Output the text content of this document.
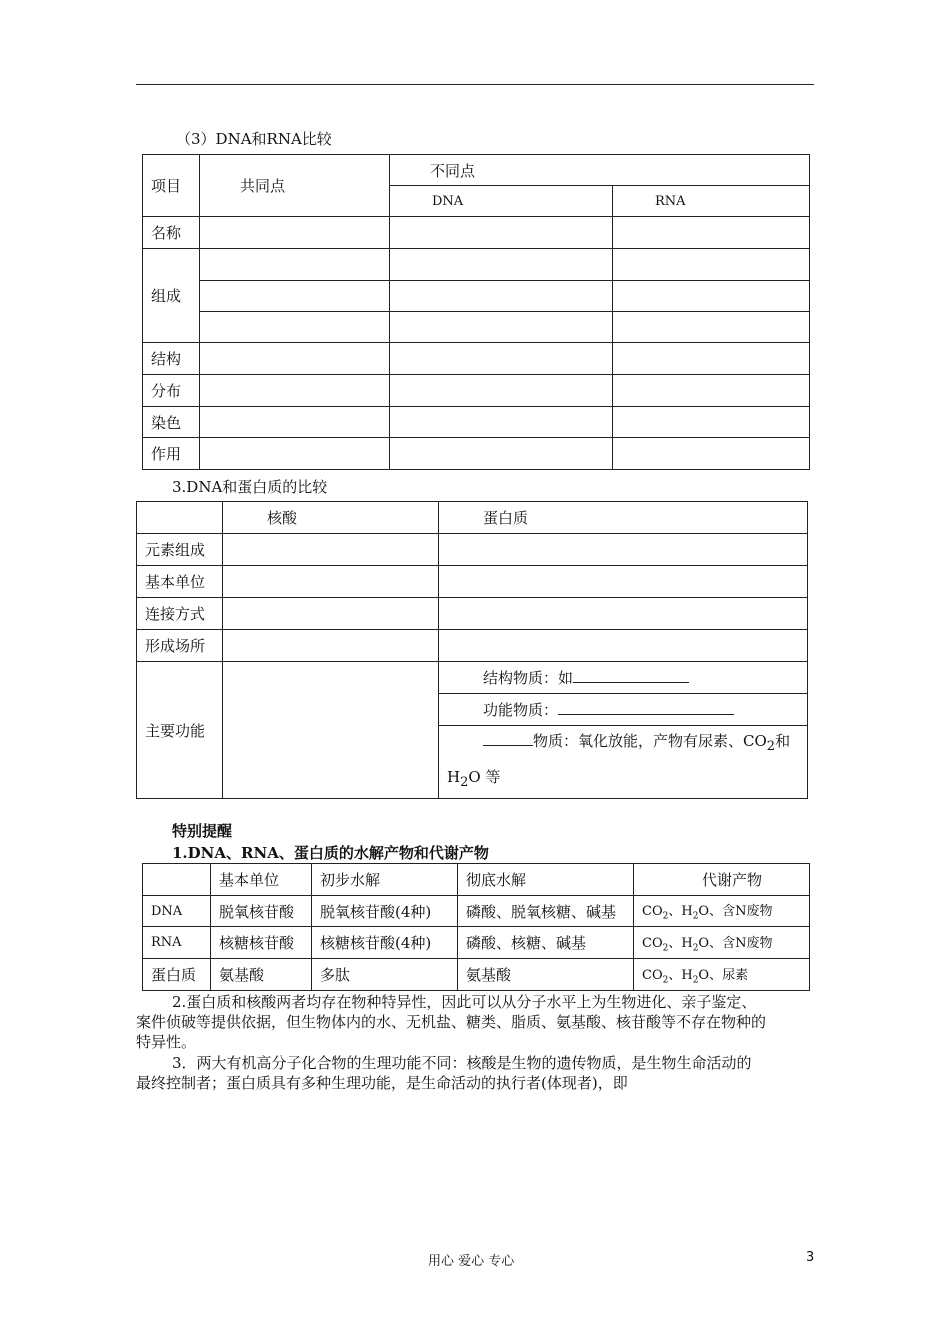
（3）DNA和RNA比较
项目	共同点	不同点	
		DNA	RNA
名称			
组成			

结构			
分布			
染色			
作用			
3.DNA和蛋白质的比较
	核酸	蛋白质
元素组成		
基本单位		
连接方式		
形成场所		
主要功能		结构物质：如
		功能物质：
		物质：氧化放能，产物有尿素、$CO_2$和
$H_2O$ 等
特别提醒
1.DNA、RNA、蛋白质的水解产物和代谢产物
	基本单位	初步水解	彻底水解	代谢产物
DNA	脱氧核苷酸	脱氧核苷酸(4种)	磷酸、脱氧核糖、碱基	$CO_2$、$H_2O$、含N废物
RNA	核糖核苷酸	核糖核苷酸(4种)	磷酸、核糖、碱基	$CO_2$、$H_2O$、含N废物
蛋白质	氨基酸	多肽	氨基酸	$CO_2$、$H_2O$、尿素
2.蛋白质和核酸两者均存在物种特异性，因此可以从分子水平上为生物进化、亲子鉴定、
案件侦破等提供依据，但生物体内的水、无机盐、糖类、脂质、氨基酸、核苷酸等不存在物种的
特异性。
3．两大有机高分子化合物的生理功能不同：核酸是生物的遗传物质，是生物生命活动的
最终控制者；蛋白质具有多种生理功能，是生命活动的执行者(体现者)，即
用心 爱心 专心	3
